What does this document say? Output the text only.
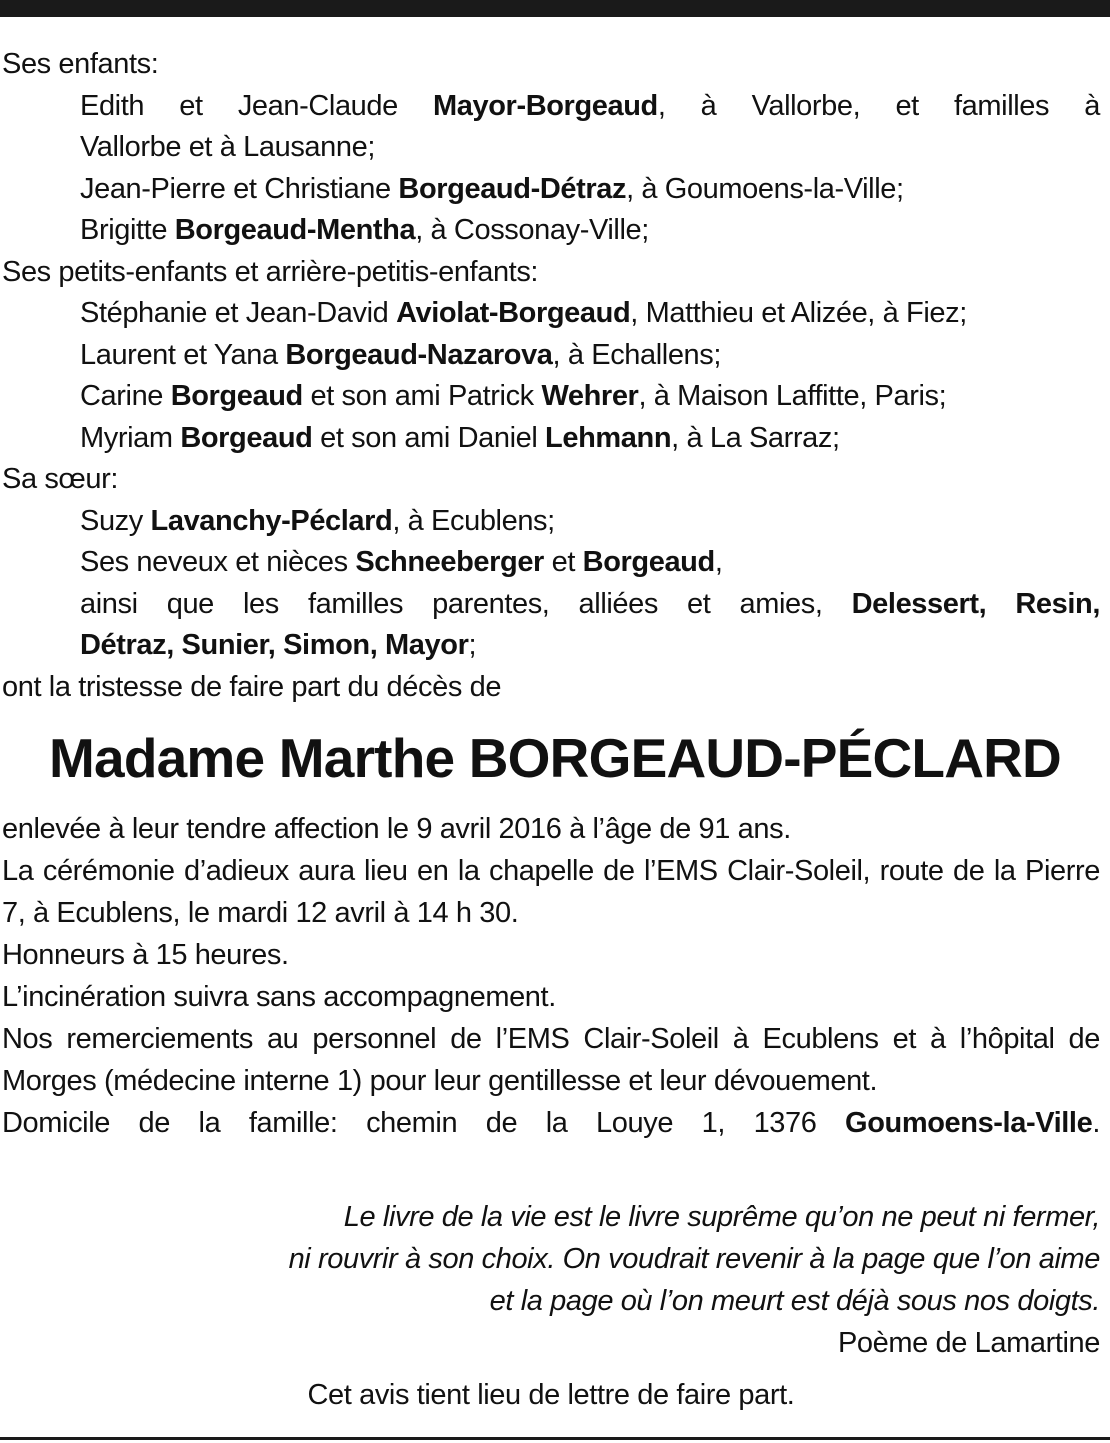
Ses enfants:
Edith et Jean-Claude Mayor-Borgeaud, à Vallorbe, et familles à
Vallorbe et à Lausanne;
Jean-Pierre et Christiane Borgeaud-Détraz, à Goumoens-la-Ville;
Brigitte Borgeaud-Mentha, à Cossonay-Ville;
Ses petits-enfants et arrière-petitis-enfants:
Stéphanie et Jean-David Aviolat-Borgeaud, Matthieu et Alizée, à Fiez;
Laurent et Yana Borgeaud-Nazarova, à Echallens;
Carine Borgeaud et son ami Patrick Wehrer, à Maison Laffitte, Paris;
Myriam Borgeaud et son ami Daniel Lehmann, à La Sarraz;
Sa sœur:
Suzy Lavanchy-Péclard, à Ecublens;
Ses neveux et nièces Schneeberger et Borgeaud,
ainsi que les familles parentes, alliées et amies, Delessert, Resin,
Détraz, Sunier, Simon, Mayor;
ont la tristesse de faire part du décès de
Madame Marthe BORGEAUD-PÉCLARD
enlevée à leur tendre affection le 9 avril 2016 à l’âge de 91 ans.
La cérémonie d’adieux aura lieu en la chapelle de l’EMS Clair-Soleil, route de la Pierre 7, à Ecublens, le mardi 12 avril à 14 h 30.
Honneurs à 15 heures.
L’incinération suivra sans accompagnement.
Nos remerciements au personnel de l’EMS Clair-Soleil à Ecublens et à l’hôpital de Morges (médecine interne 1) pour leur gentillesse et leur dévouement.
Domicile de la famille: chemin de la Louye 1, 1376 Goumoens-la-Ville.
Le livre de la vie est le livre suprême qu’on ne peut ni fermer,
ni rouvrir à son choix. On voudrait revenir à la page que l’on aime
et la page où l’on meurt est déjà sous nos doigts.
Poème de Lamartine
Cet avis tient lieu de lettre de faire part.
